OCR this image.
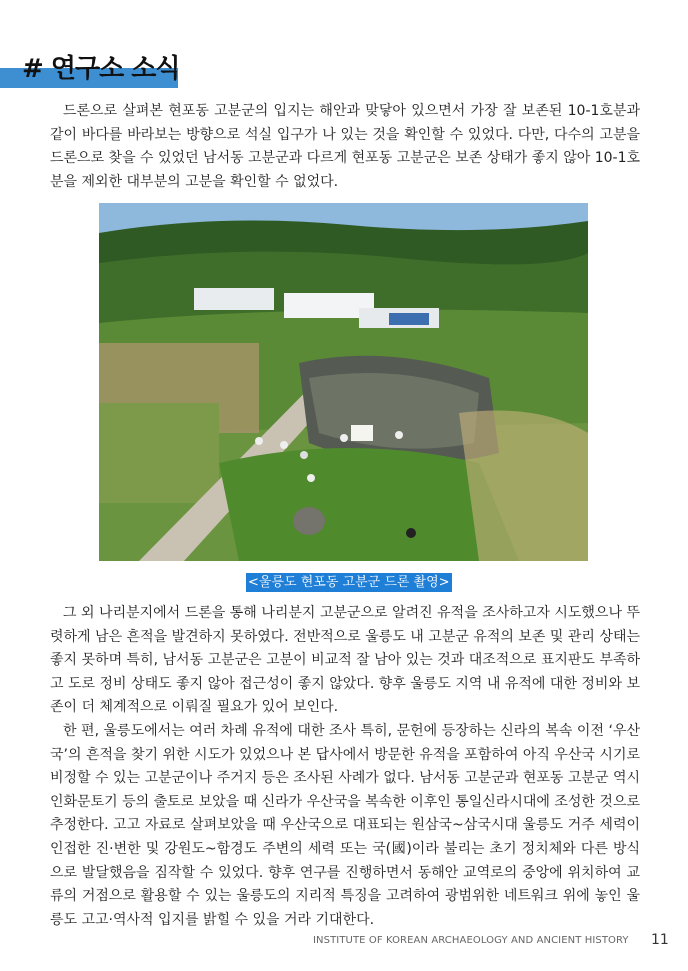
# 연구소 소식

드론으로 살펴본 현포동 고분군의 입지는 해안과 맞닿아 있으면서 가장 잘 보존된 10-1호분과 같이 바다를 바라보는 방향으로 석실 입구가 나 있는 것을 확인할 수 있었다. 다만, 다수의 고분을 드론으로 찾을 수 있었던 남서동 고분군과 다르게 현포동 고분군은 보존 상태가 좋지 않아 10-1호분을 제외한 대부분의 고분을 확인할 수 없었다.

<울릉도 현포동 고분군 드론 촬영>

그 외 나리분지에서 드론을 통해 나리분지 고분군으로 알려진 유적을 조사하고자 시도했으나 뚜렷하게 남은 흔적을 발견하지 못하였다. 전반적으로 울릉도 내 고분군 유적의 보존 및 관리 상태는 좋지 못하며 특히, 남서동 고분군은 고분이 비교적 잘 남아 있는 것과 대조적으로 표지판도 부족하고 도로 정비 상태도 좋지 않아 접근성이 좋지 않았다. 향후 울릉도 지역 내 유적에 대한 정비와 보존이 더 체계적으로 이뤄질 필요가 있어 보인다.

한 편, 울릉도에서는 여러 차례 유적에 대한 조사 특히, 문헌에 등장하는 신라의 복속 이전 ‘우산국’의 흔적을 찾기 위한 시도가 있었으나 본 답사에서 방문한 유적을 포함하여 아직 우산국 시기로 비정할 수 있는 고분군이나 주거지 등은 조사된 사례가 없다. 남서동 고분군과 현포동 고분군 역시 인화문토기 등의 출토로 보았을 때 신라가 우산국을 복속한 이후인 통일신라시대에 조성한 것으로 추정한다. 고고 자료로 살펴보았을 때 우산국으로 대표되는 원삼국~삼국시대 울릉도 거주 세력이 인접한 진·변한 및 강원도~함경도 주변의 세력 또는 국(國)이라 불리는 초기 정치체와 다른 방식으로 발달했음을 짐작할 수 있었다. 향후 연구를 진행하면서 동해안 교역로의 중앙에 위치하여 교류의 거점으로 활용할 수 있는 울릉도의 지리적 특징을 고려하여 광범위한 네트워크 위에 놓인 울릉도 고고·역사적 입지를 밝힐 수 있을 거라 기대한다.

INSTITUTE OF KOREAN ARCHAEOLOGY AND ANCIENT HISTORY 11
